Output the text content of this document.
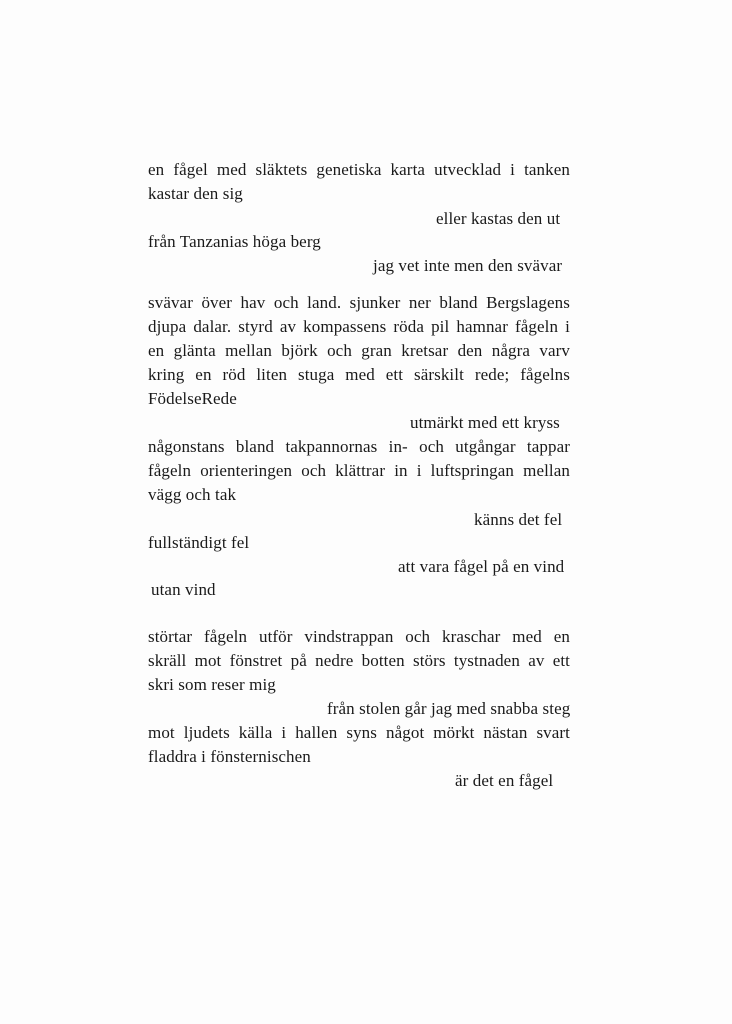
en fågel med släktets genetiska karta utvecklad i tanken
kastar den sig
eller kastas den ut
från Tanzanias höga berg
jag vet inte men den svävar
svävar över hav och land. sjunker ner bland Bergslagens
djupa dalar. styrd av kompassens röda pil hamnar fågeln i
en glänta mellan björk och gran kretsar den några varv
kring en röd liten stuga med ett särskilt rede; fågelns
FödelseRede
utmärkt med ett kryss
någonstans bland takpannornas in- och utgångar tappar
fågeln orienteringen och klättrar in i luftspringan mellan
vägg och tak
känns det fel
fullständigt fel
att vara fågel på en vind
utan vind
störtar fågeln utför vindstrappan och kraschar med en
skräll mot fönstret på nedre botten störs tystnaden av ett
skri som reser mig
från stolen går jag med snabba steg
mot ljudets källa i hallen syns något mörkt nästan svart
fladdra i fönsternischen
är det en fågel
